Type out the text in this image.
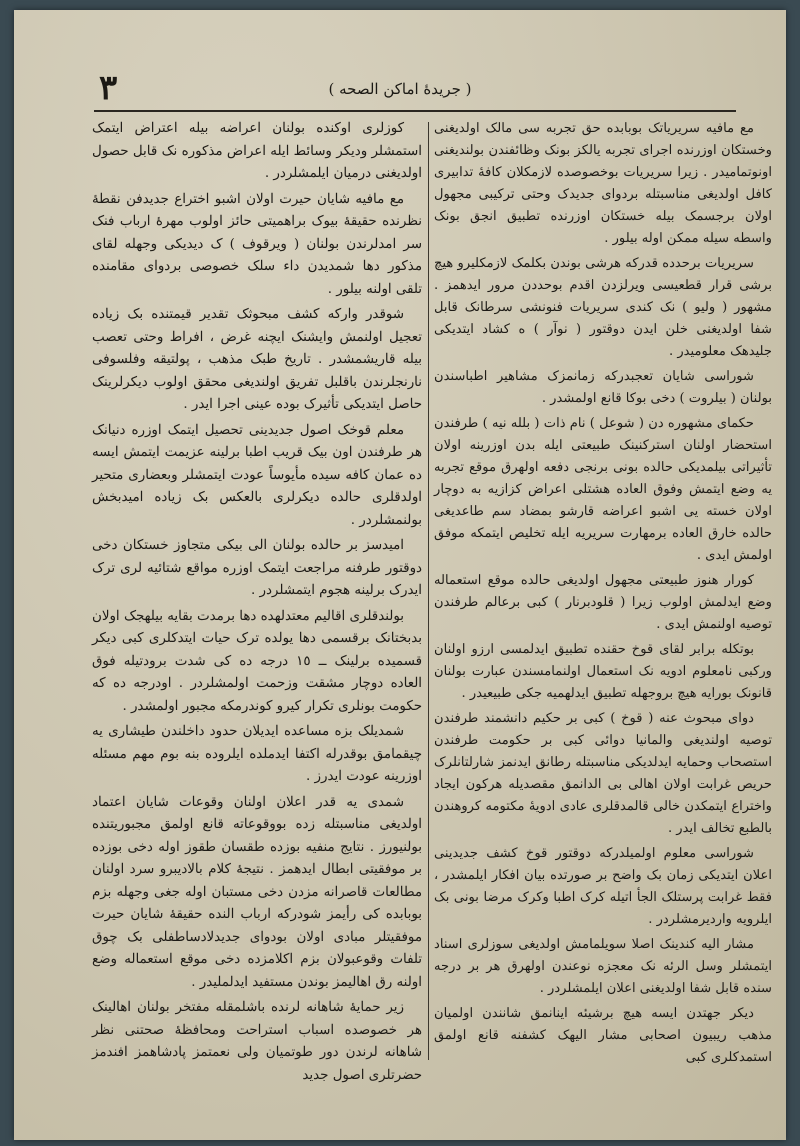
٣	( جريدهٔ اماكن الصحه )

مع مافیه سریریاتک بوبابده حق تجربه سی مالک اولدیغنی وخستکان اوزرنده اجرای تجربه یالکز بونک وظائفندن بولندیغنی اونوتمامیدر . زیرا سریریات بوخصوصده لازمکلان کافهٔ تدابیری کافل اولدیغی مناسبتله بردوای جدیدک وحتی ترکیبی مجهول اولان برجسمک بیله خستکان اوزرنده تطبیق انجق بونک واسطه سیله ممکن اوله بیلور .

سریریات برحدده قدرکه هرشی بوندن بکلمک لازمکلیرو هیچ برشی قرار قطعیسی ویرلزدن اقدم بوحددن مرور ایدهمز . مشهور ( ولیو ) نک کندی سریریات فنونشی سرطانک قابل شفا اولدیغنی خلن ایدن دوقتور ( نوآر ) ه کشاد ایتدیکی جلیدهک معلومیدر .

شوراسی شایان تعجبدرکه زمانمزک مشاهیر اطباسندن بولنان ( بیلروت ) دخی بوکا قانع اولمشدر .

حکمای مشهوره دن ( شوعل ) نام ذات ( بلله نیه ) طرفندن استحضار اولنان استرکنینک طبیعتی ایله بدن اوزرینه اولان تأثیراتی بیلمدیکی حالده بونی برنجی دفعه اولهرق موقع تجربه یه وضع ایتمش وفوق العاده هشتلی اعراض کزازیه به دوچار اولان خسته یی اشبو اعراضه قارشو بمضاد سم طاعدیغی حالده خارق العاده برمهارت سریریه ایله تخلیص ایتمکه موفق اولمش ایدی .

کورار هنوز طبیعتی مجهول اولدیغی حالده موقع استعماله وضع ایدلمش اولوب زیرا ( قلودبرنار ) کبی برعالم طرفندن توصیه اولنمش ایدی .

بوتکله برابر لقای قوخ حقنده تطبیق ایدلمسی ارزو اولنان ورکبی نامعلوم ادویه نک استعمال اولنمامسندن عبارت بولنان قانونک بورایه هیچ بروجهله تطبیق ایدلهمیه جکی طبیعیدر .

دوای مبحوث عنه ( قوخ ) کبی بر حکیم دانشمند طرفندن توصیه اولندیغی والمانیا دوائی کبی بر حکومت طرفندن استصحاب وحمایه ایدلدیکی مناسبتله رطانق ایدنمز شارلتانلرک حریص غرابت اولان اهالی بی الدانمق مقصدیله هرکون ایجاد واختراع ایتمکدن خالی قالمدقلری عادی ادویهٔ مکتومه کروهندن بالطبع تخالف ایدر .

شوراسی معلوم اولمیلدرکه دوقتور قوخ کشف جدیدینی اعلان ایتدیکی زمان بک واضح بر صورتده بیان افکار ایلمشدر ، فقط غرابت پرستلک الجأ اتیله کرک اطبا وکرک مرضا بونی بک ایلرویه واردیرمشلردر .

مشار الیه کندینک اصلا سویلمامش اولدیغی سوزلری اسناد ایتمشلر وسل الرئه نک معجزه نوعندن اولهرق هر بر درجه سنده قابل شفا اولدیغنی اعلان ایلمشلردر .

دیکر جهتدن ایسه هیچ برشیئه اینانمق شانندن اولمیان مذهب ریبیون اصحابی مشار الیهک کشفنه قانع اولمق استمدکلری کبی

کوزلری اوکنده بولنان اعراضه بیله اعتراض ایتمک استمشلر ودیکر وسائط ایله اعراض مذکوره نک قابل حصول اولدیغنی درمیان ایلمشلردر .

مع مافیه شایان حیرت اولان اشبو اختراع جدیدفن نقطهٔ نظرنده حقیقهٔ بیوک براهمیتی حائز اولوب مهرهٔ ارباب فنک سر امدلرندن بولنان ( ویرقوف ) ک دیدیکی وجهله لقای مذکور دها شمدیدن داء سلک خصوصی بردوای مقامنده تلقی اولنه بیلور .

شوقدر وارکه کشف مبحوثک تقدیر قیمتنده بک زیاده تعجیل اولنمش وایشنک ایچنه غرض ، افراط وحتی تعصب بیله قاریشمشدر . تاریخ طبک مذهب ، پولتیقه وفلسوفی نارنجلرندن باقلبل تفریق اولندیغی محقق اولوب دیکرلرینک حاصل ایتدیکی تأثیرک بوده عینی اجرا ایدر .

معلم قوخک اصول جدیدینی تحصیل ایتمک اوزره دنیانک هر طرفندن اون بیک قریب اطبا برلینه عزیمت ایتمش ایسه ده عمان کافه سیده مأیوساً عودت ایتمشلر وبعضاری متحیر اولدقلری حالده دیکرلری بالعکس بک زیاده امیدبخش بولنمشلردر .

امیدسز بر حالده بولنان الی بیکی متجاوز خستکان دخی دوقتور طرفنه مراجعت ایتمک اوزره مواقع شتائیه لری ترک ایدرک برلینه هجوم ایتمشلردر .

بولندقلری اقالیم معتدلهده دها برمدت بقایه بیلهجک اولان بدبختانک برقسمی دها یولده ترک حیات ایتدکلری کبی دیکر قسمیده برلینک ــ ١٥ درجه ده کی شدت برودتیله فوق العاده دوچار مشقت وزحمت اولمشلردر . اودرجه ده که حکومت بونلری تکرار کیرو کوندرمکه مجبور اولمشدر .

شمدیلک بزه مساعده ایدیلان حدود داخلندن طیشاری یه چیقمامق بوقدرله اکتفا ایدملده ایلروده بنه بوم مهم مسئله اوزرینه عودت ایدرز .

شمدی یه قدر اعلان اولنان وقوعات شایان اعتماد اولدیغی مناسبتله زده بووقوعاته قانع اولمق مجبوریتنده بولنیورز . نتایج منفیه بوزده طقسان طقوز اوله دخی بوزده بر موفقیتی ابطال ایدهمز . نتیجهٔ کلام بالادیبرو سرد اولنان مطالعات قاصرانه مزدن دخی مستبان اوله جغی وجهله بزم بوبابده کی رأیمز شودرکه ارباب النده حقیقهٔ شایان حیرت موفقیتلر مبادی اولان بودوای جدیدلادساطفلی بک چوق تلفات وقوعبولان بزم اکلامزده دخی موقع استعماله وضع اولنه رق اهالیمز بوندن مستفید ایدلملیدر .

زیر حمایهٔ شاهانه لرنده باشلمقله مفتخر بولنان اهالینک هر خصوصده اسباب استراحت ومحافظهٔ صحتنی نظر شاهانه لرندن دور طوتمیان ولی نعمتمز پادشاهمز افندمز حضرتلری اصول جدید
